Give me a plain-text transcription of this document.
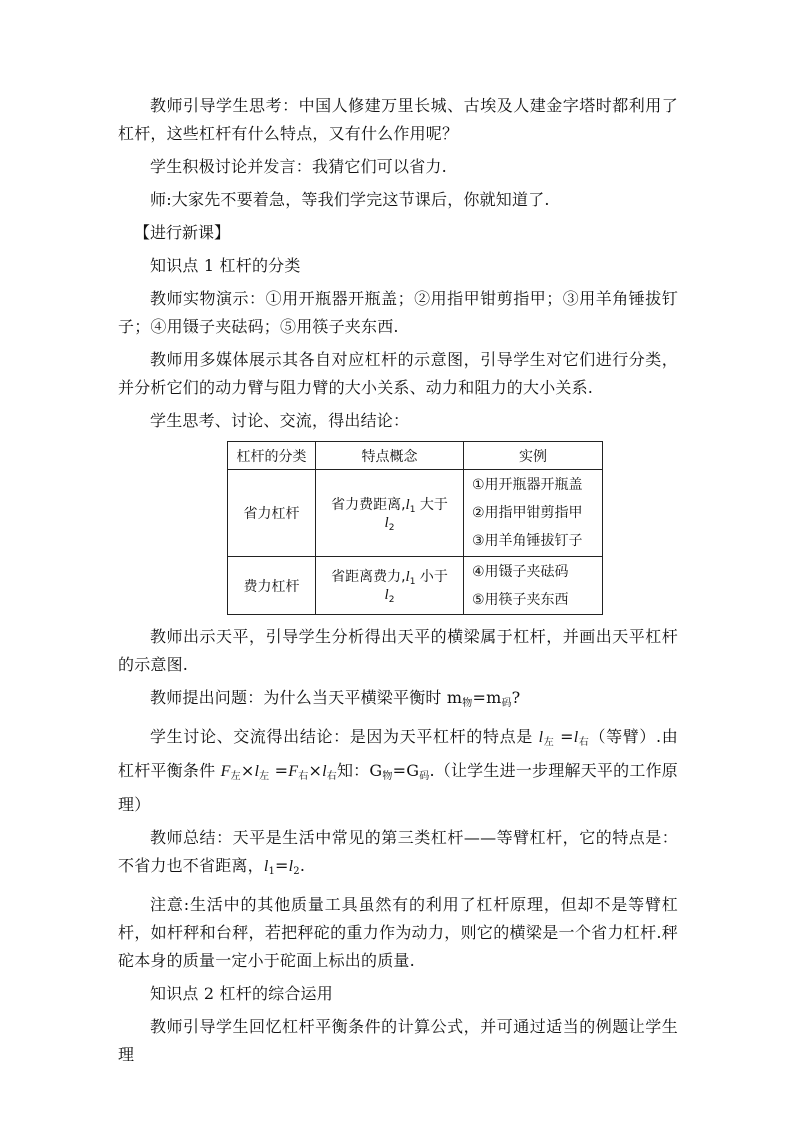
教师引导学生思考：中国人修建万里长城、古埃及人建金字塔时都利用了杠杆，这些杠杆有什么特点，又有什么作用呢？

学生积极讨论并发言：我猜它们可以省力.

师:大家先不要着急，等我们学完这节课后，你就知道了.

【进行新课】

知识点 1 杠杆的分类

教师实物演示：①用开瓶器开瓶盖；②用指甲钳剪指甲；③用羊角锤拔钉子；④用镊子夹砝码；⑤用筷子夹东西.

教师用多媒体展示其各自对应杠杆的示意图，引导学生对它们进行分类，并分析它们的动力臂与阻力臂的大小关系、动力和阻力的大小关系.

学生思考、讨论、交流，得出结论：

杠杆的分类	特点概念	实例
省力杠杆	省力费距离$,l_1$ 大于 $l_2$	①用开瓶器开瓶盖
②用指甲钳剪指甲
③用羊角锤拔钉子

费力杠杆	省距离费力$,l_1$ 小于 $l_2$	④用镊子夹砝码
⑤用筷子夹东西

教师出示天平，引导学生分析得出天平的横梁属于杠杆，并画出天平杠杆的示意图.

教师提出问题：为什么当天平横梁平衡时 $m_物=m_码$?

学生讨论、交流得出结论：是因为天平杠杆的特点是 $l_左 =l_右$（等臂）.由杠杆平衡条件 $F_左\times l_左 =F_右\times l_右$知：$G_物=G_码$.（让学生进一步理解天平的工作原理）

教师总结：天平是生活中常见的第三类杠杆——等臂杠杆，它的特点是：不省力也不省距离，$l_1=l_2$.

注意:生活中的其他质量工具虽然有的利用了杠杆原理，但却不是等臂杠杆，如杆秤和台秤，若把秤砣的重力作为动力，则它的横梁是一个省力杠杆.秤砣本身的质量一定小于砣面上标出的质量.

知识点 2 杠杆的综合运用

教师引导学生回忆杠杆平衡条件的计算公式，并可通过适当的例题让学生理
